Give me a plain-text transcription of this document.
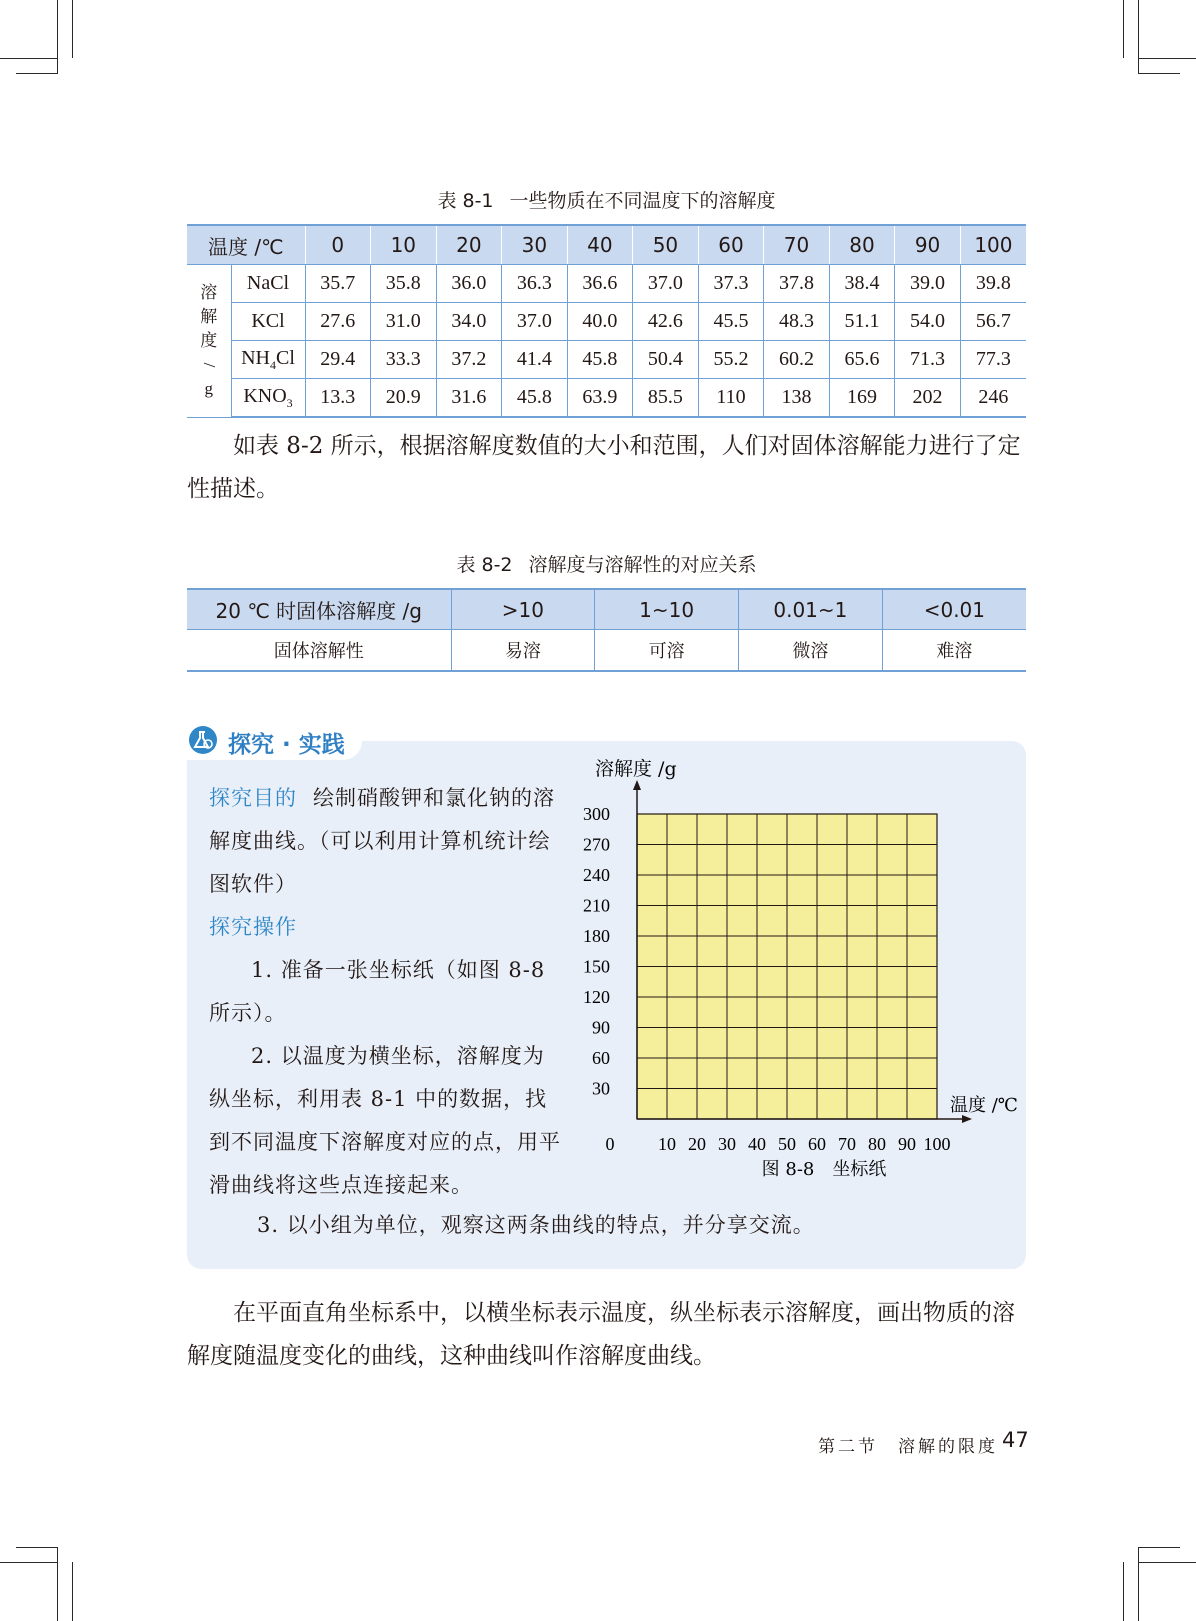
表 8-1 一些物质在不同温度下的溶解度
温度 /℃		0	10	20	30	40	50	60	70	80	90	100

溶
解
度
/
g	NaCl	35.7	35.8	36.0	36.3	36.6	37.0	37.3	37.8	38.4	39.0	39.8
	KCl	27.6	31.0	34.0	37.0	40.0	42.6	45.5	48.3	51.1	54.0	56.7
	$NH_4Cl$	29.4	33.3	37.2	41.4	45.8	50.4	55.2	60.2	65.6	71.3	77.3
	$KNO_3$	13.3	20.9	31.6	45.8	63.9	85.5	110	138	169	202	246
如表 8-2 所示，根据溶解度数值的大小和范围，人们对固体溶解能力进行了定性描述。
表 8-2 溶解度与溶解性的对应关系
20 ℃ 时固体溶解度 /g	>10	1~10	0.01~1	<0.01
固体溶解性	易溶	可溶	微溶	难溶
探究 · 实践
探究目的 绘制硝酸钾和氯化钠的溶解度曲线。（可以利用计算机统计绘图软件）
探究操作
1. 准备一张坐标纸（如图 8-8 所示）。
2. 以温度为横坐标，溶解度为纵坐标，利用表 8-1 中的数据，找到不同温度下溶解度对应的点，用平滑曲线将这些点连接起来。
3. 以小组为单位，观察这两条曲线的特点，并分享交流。
溶解度 /g
温度 /℃
30
60
90
120
150
180
210
240
270
300
0 10 20 30 40 50 60 70 80 90 100
图 8-8　坐标纸
在平面直角坐标系中，以横坐标表示温度，纵坐标表示溶解度，画出物质的溶解度随温度变化的曲线，这种曲线叫作溶解度曲线。
第二节　溶解的限度 47
